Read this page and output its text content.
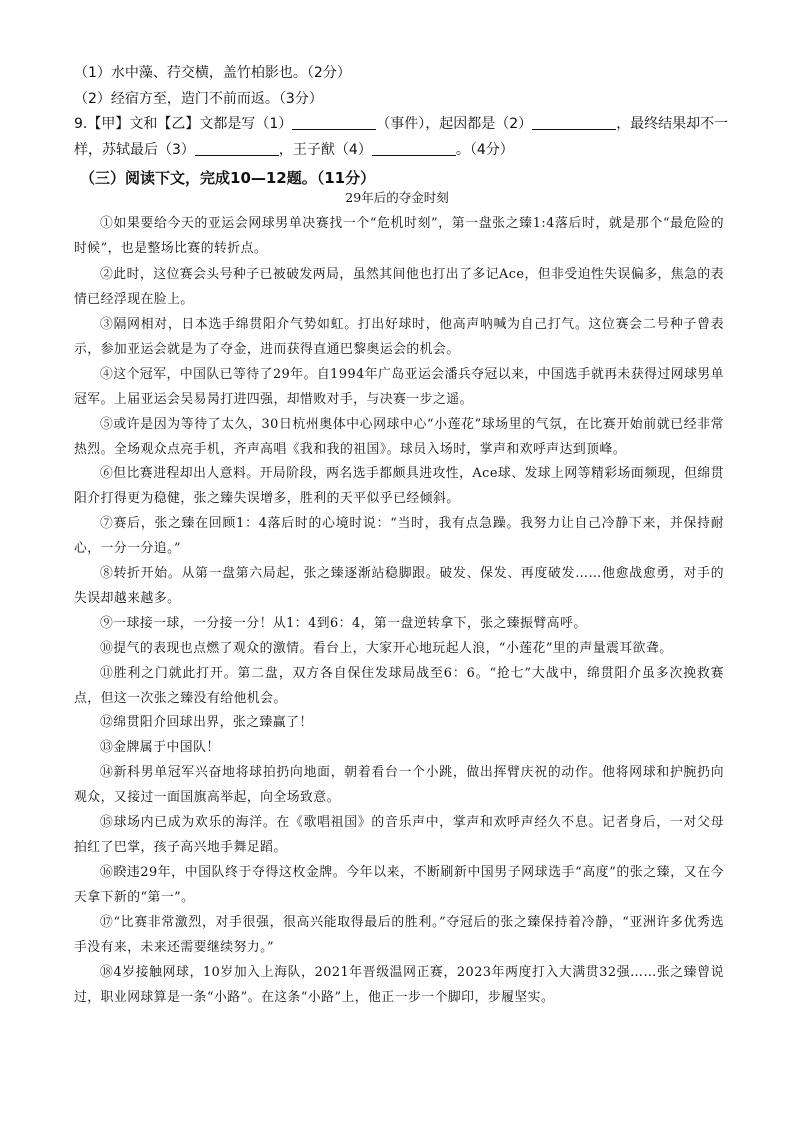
（1）水中藻、荇交横，盖竹柏影也。（2分）
（2）经宿方至，造门不前而返。（3分）
9.【甲】文和【乙】文都是写（1）	（事件），起因都是（2）	，最终结果却不一
样，苏轼最后（3）	，王子猷（4）	。（4分）
（三）阅读下文，完成10—12题。（11分）
29年后的夺金时刻

①如果要给今天的亚运会网球男单决赛找一个“危机时刻”，第一盘张之臻1:4落后时，就是那个“最危险的时候”，也是整场比赛的转折点。

②此时，这位赛会头号种子已被破发两局，虽然其间他也打出了多记Ace，但非受迫性失误偏多，焦急的表情已经浮现在脸上。

③隔网相对，日本选手绵贯阳介气势如虹。打出好球时，他高声呐喊为自己打气。这位赛会二号种子曾表示，参加亚运会就是为了夺金，进而获得直通巴黎奥运会的机会。

④这个冠军，中国队已等待了29年。自1994年广岛亚运会潘兵夺冠以来，中国选手就再未获得过网球男单冠军。上届亚运会吴易昺打进四强，却惜败对手，与决赛一步之遥。

⑤或许是因为等待了太久，30日杭州奥体中心网球中心“小莲花”球场里的气氛，在比赛开始前就已经非常热烈。全场观众点亮手机，齐声高唱《我和我的祖国》。球员入场时，掌声和欢呼声达到顶峰。

⑥但比赛进程却出人意料。开局阶段，两名选手都颇具进攻性，Ace球、发球上网等精彩场面频现，但绵贯阳介打得更为稳健，张之臻失误增多，胜利的天平似乎已经倾斜。

⑦赛后，张之臻在回顾1：4落后时的心境时说：“当时，我有点急躁。我努力让自己冷静下来，并保持耐心，一分一分追。”

⑧转折开始。从第一盘第六局起，张之臻逐渐站稳脚跟。破发、保发、再度破发……他愈战愈勇，对手的失误却越来越多。

⑨一球接一球，一分接一分！从1：4到6：4，第一盘逆转拿下，张之臻振臂高呼。

⑩提气的表现也点燃了观众的激情。看台上，大家开心地玩起人浪，“小莲花”里的声量震耳欲聋。

⑪胜利之门就此打开。第二盘，双方各自保住发球局战至6：6。“抢七”大战中，绵贯阳介虽多次挽救赛点，但这一次张之臻没有给他机会。

⑫绵贯阳介回球出界，张之臻赢了！

⑬金牌属于中国队！

⑭新科男单冠军兴奋地将球拍扔向地面，朝着看台一个小跳，做出挥臂庆祝的动作。他将网球和护腕扔向观众，又接过一面国旗高举起，向全场致意。

⑮球场内已成为欢乐的海洋。在《歌唱祖国》的音乐声中，掌声和欢呼声经久不息。记者身后，一对父母拍红了巴掌，孩子高兴地手舞足蹈。

⑯睽违29年，中国队终于夺得这枚金牌。今年以来，不断刷新中国男子网球选手“高度”的张之臻，又在今天拿下新的“第一”。

⑰“比赛非常激烈，对手很强，很高兴能取得最后的胜利。”夺冠后的张之臻保持着冷静，“亚洲许多优秀选手没有来，未来还需要继续努力。”

⑱4岁接触网球，10岁加入上海队，2021年晋级温网正赛，2023年两度打入大满贯32强……张之臻曾说过，职业网球算是一条“小路”。在这条“小路”上，他正一步一个脚印，步履坚实。
